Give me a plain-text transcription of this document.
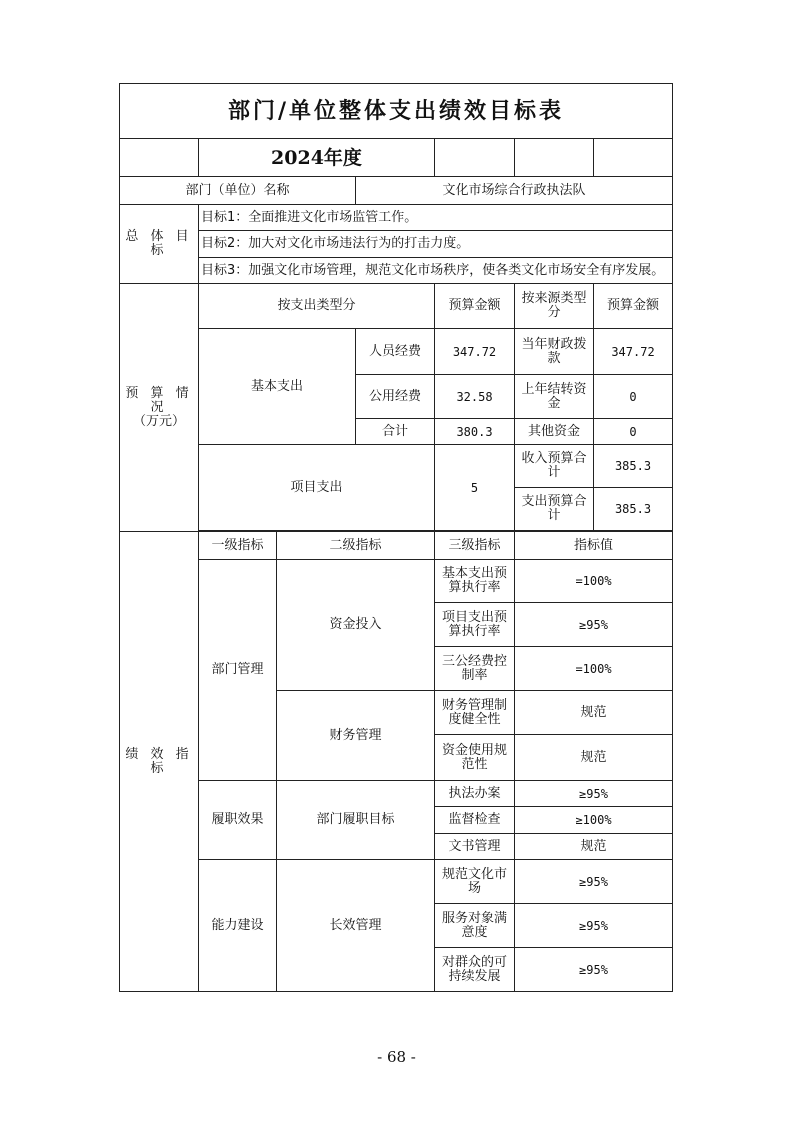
部门/单位整体支出绩效目标表						
	2024年度					
部门（单位）名称			文化市场综合行政执法队			
总 体 目 标	目标1：全面推进文化市场监管工作。					
	目标2：加大对文化市场违法行为的打击力度。					
	目标3：加强文化市场管理，规范文化市场秩序，使各类文化市场安全有序发展。					

预 算 情 况
（万元）	按支出类型分			预算金额	按来源类型分	预算金额
	基本支出		人员经费	347.72	当年财政拨款	347.72
			公用经费	32.58	上年结转资金	0
			合计	380.3	其他资金	0
	项目支出			5	收入预算合计	385.3
					支出预算合计	385.3

绩 效 指 标	一级指标	二级指标		三级指标	指标值	
	部门管理	资金投入		基本支出预算执行率	=100%	
				项目支出预算执行率	≥95%	
				三公经费控制率	=100%	
		财务管理		财务管理制度健全性	规范	
				资金使用规范性	规范	
	履职效果	部门履职目标		执法办案	≥95%	
				监督检查	≥100%	
				文书管理	规范	
	能力建设	长效管理		规范文化市场	≥95%	
				服务对象满意度	≥95%	
				对群众的可持续发展	≥95%	
- 68 -
